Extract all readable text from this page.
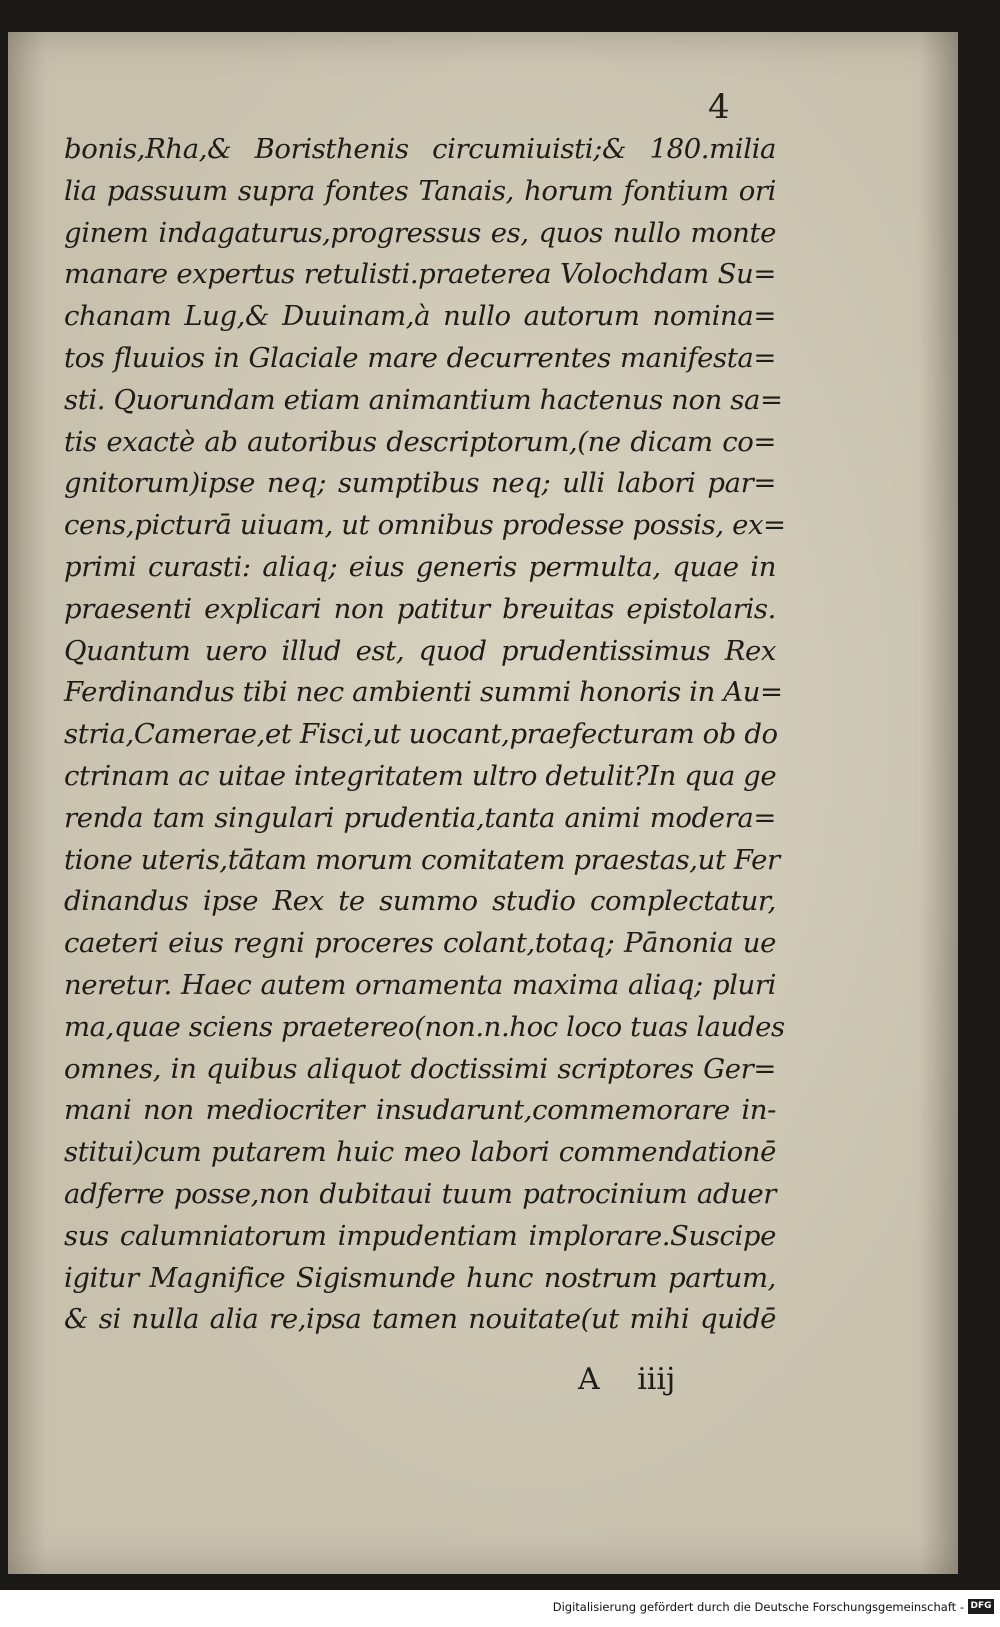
4
bonis,Rha,& Boristhenis circumiuisti;& 180.milia
lia passuum supra fontes Tanais, horum fontium ori
ginem indagaturus,progressus es, quos nullo monte
manare expertus retulisti.praeterea Volochdam Su=
chanam Lug,& Duuinam,à nullo autorum nomina=
tos fluuios in Glaciale mare decurrentes manifesta=
sti. Quorundam etiam animantium hactenus non sa=
tis exactè ab autoribus descriptorum,(ne dicam co=
gnitorum)ipse neq; sumptibus neq; ulli labori par=
cens,picturā uiuam, ut omnibus prodesse possis, ex=
primi curasti: aliaq; eius generis permulta, quae in
praesenti explicari non patitur breuitas epistolaris.
Quantum uero illud est, quod prudentissimus Rex
Ferdinandus tibi nec ambienti summi honoris in Au=
stria,Camerae,et Fisci,ut uocant,praefecturam ob do
ctrinam ac uitae integritatem ultro detulit?In qua ge
renda tam singulari prudentia,tanta animi modera=
tione uteris,tātam morum comitatem praestas,ut Fer
dinandus ipse Rex te summo studio complectatur,
caeteri eius regni proceres colant,totaq; Pānonia ue
neretur. Haec autem ornamenta maxima aliaq; pluri
ma,quae sciens praetereo(non.n.hoc loco tuas laudes
omnes, in quibus aliquot doctissimi scriptores Ger=
mani non mediocriter insudarunt,commemorare in-
stitui)cum putarem huic meo labori commendationē
adferre posse,non dubitaui tuum patrocinium aduer
sus calumniatorum impudentiam implorare.Suscipe
igitur Magnifice Sigismunde hunc nostrum partum,
& si nulla alia re,ipsa tamen nouitate(ut mihi quidē
A iiij
Digitalisierung gefördert durch die Deutsche Forschungsgemeinschaft - DFG
